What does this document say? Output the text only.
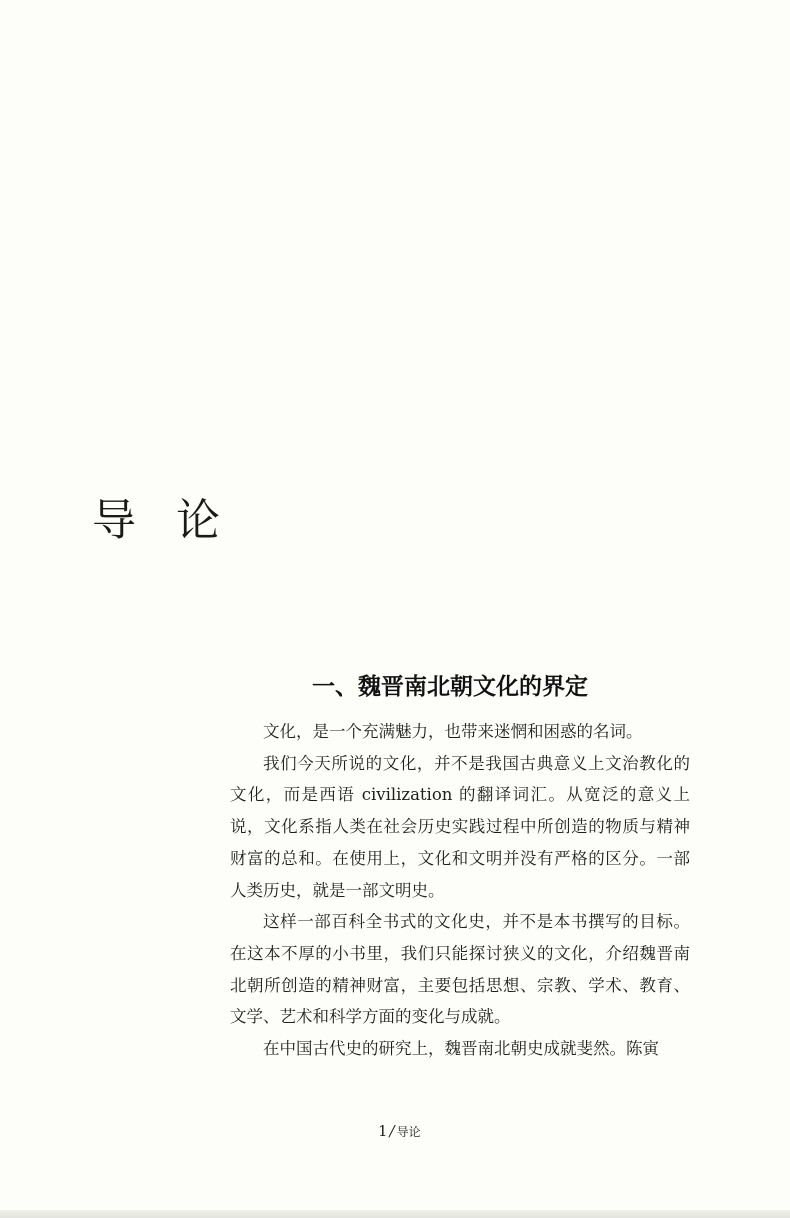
导论
一、魏晋南北朝文化的界定

文化，是一个充满魅力，也带来迷惘和困惑的名词。

我们今天所说的文化，并不是我国古典意义上文治教化的文化，而是西语 civilization 的翻译词汇。从宽泛的意义上说，文化系指人类在社会历史实践过程中所创造的物质与精神财富的总和。在使用上，文化和文明并没有严格的区分。一部人类历史，就是一部文明史。

这样一部百科全书式的文化史，并不是本书撰写的目标。在这本不厚的小书里，我们只能探讨狭义的文化，介绍魏晋南北朝所创造的精神财富，主要包括思想、宗教、学术、教育、文学、艺术和科学方面的变化与成就。

在中国古代史的研究上，魏晋南北朝史成就斐然。陈寅

1 / 导论
